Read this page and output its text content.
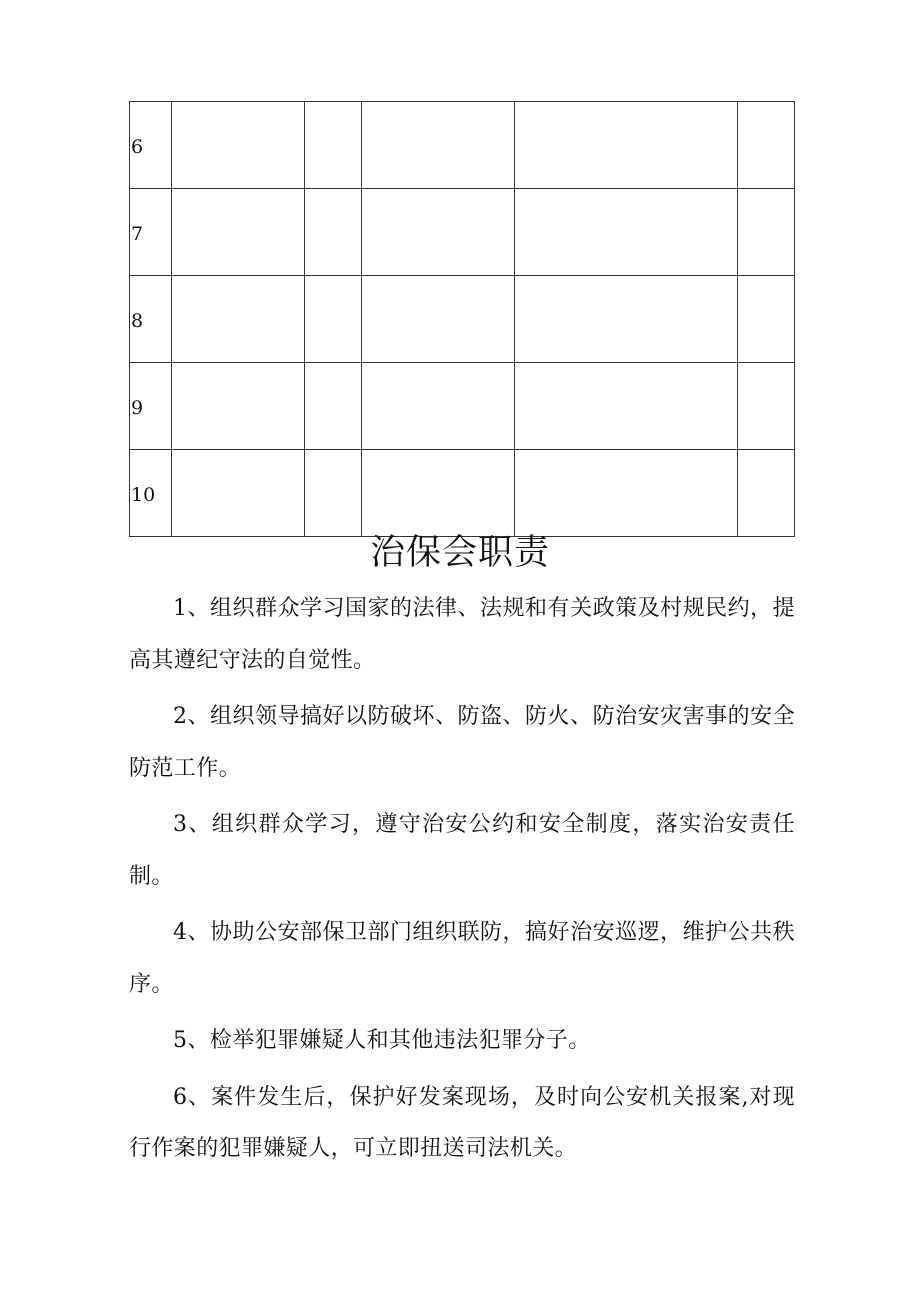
6					
7					
8					
9					
10					
治保会职责

1、组织群众学习国家的法律、法规和有关政策及村规民约，提高其遵纪守法的自觉性。

2、组织领导搞好以防破坏、防盗、防火、防治安灾害事的安全防范工作。

3、组织群众学习，遵守治安公约和安全制度，落实治安责任制。

4、协助公安部保卫部门组织联防，搞好治安巡逻，维护公共秩序。

5、检举犯罪嫌疑人和其他违法犯罪分子。

6、案件发生后，保护好发案现场，及时向公安机关报案,对现行作案的犯罪嫌疑人，可立即扭送司法机关。
